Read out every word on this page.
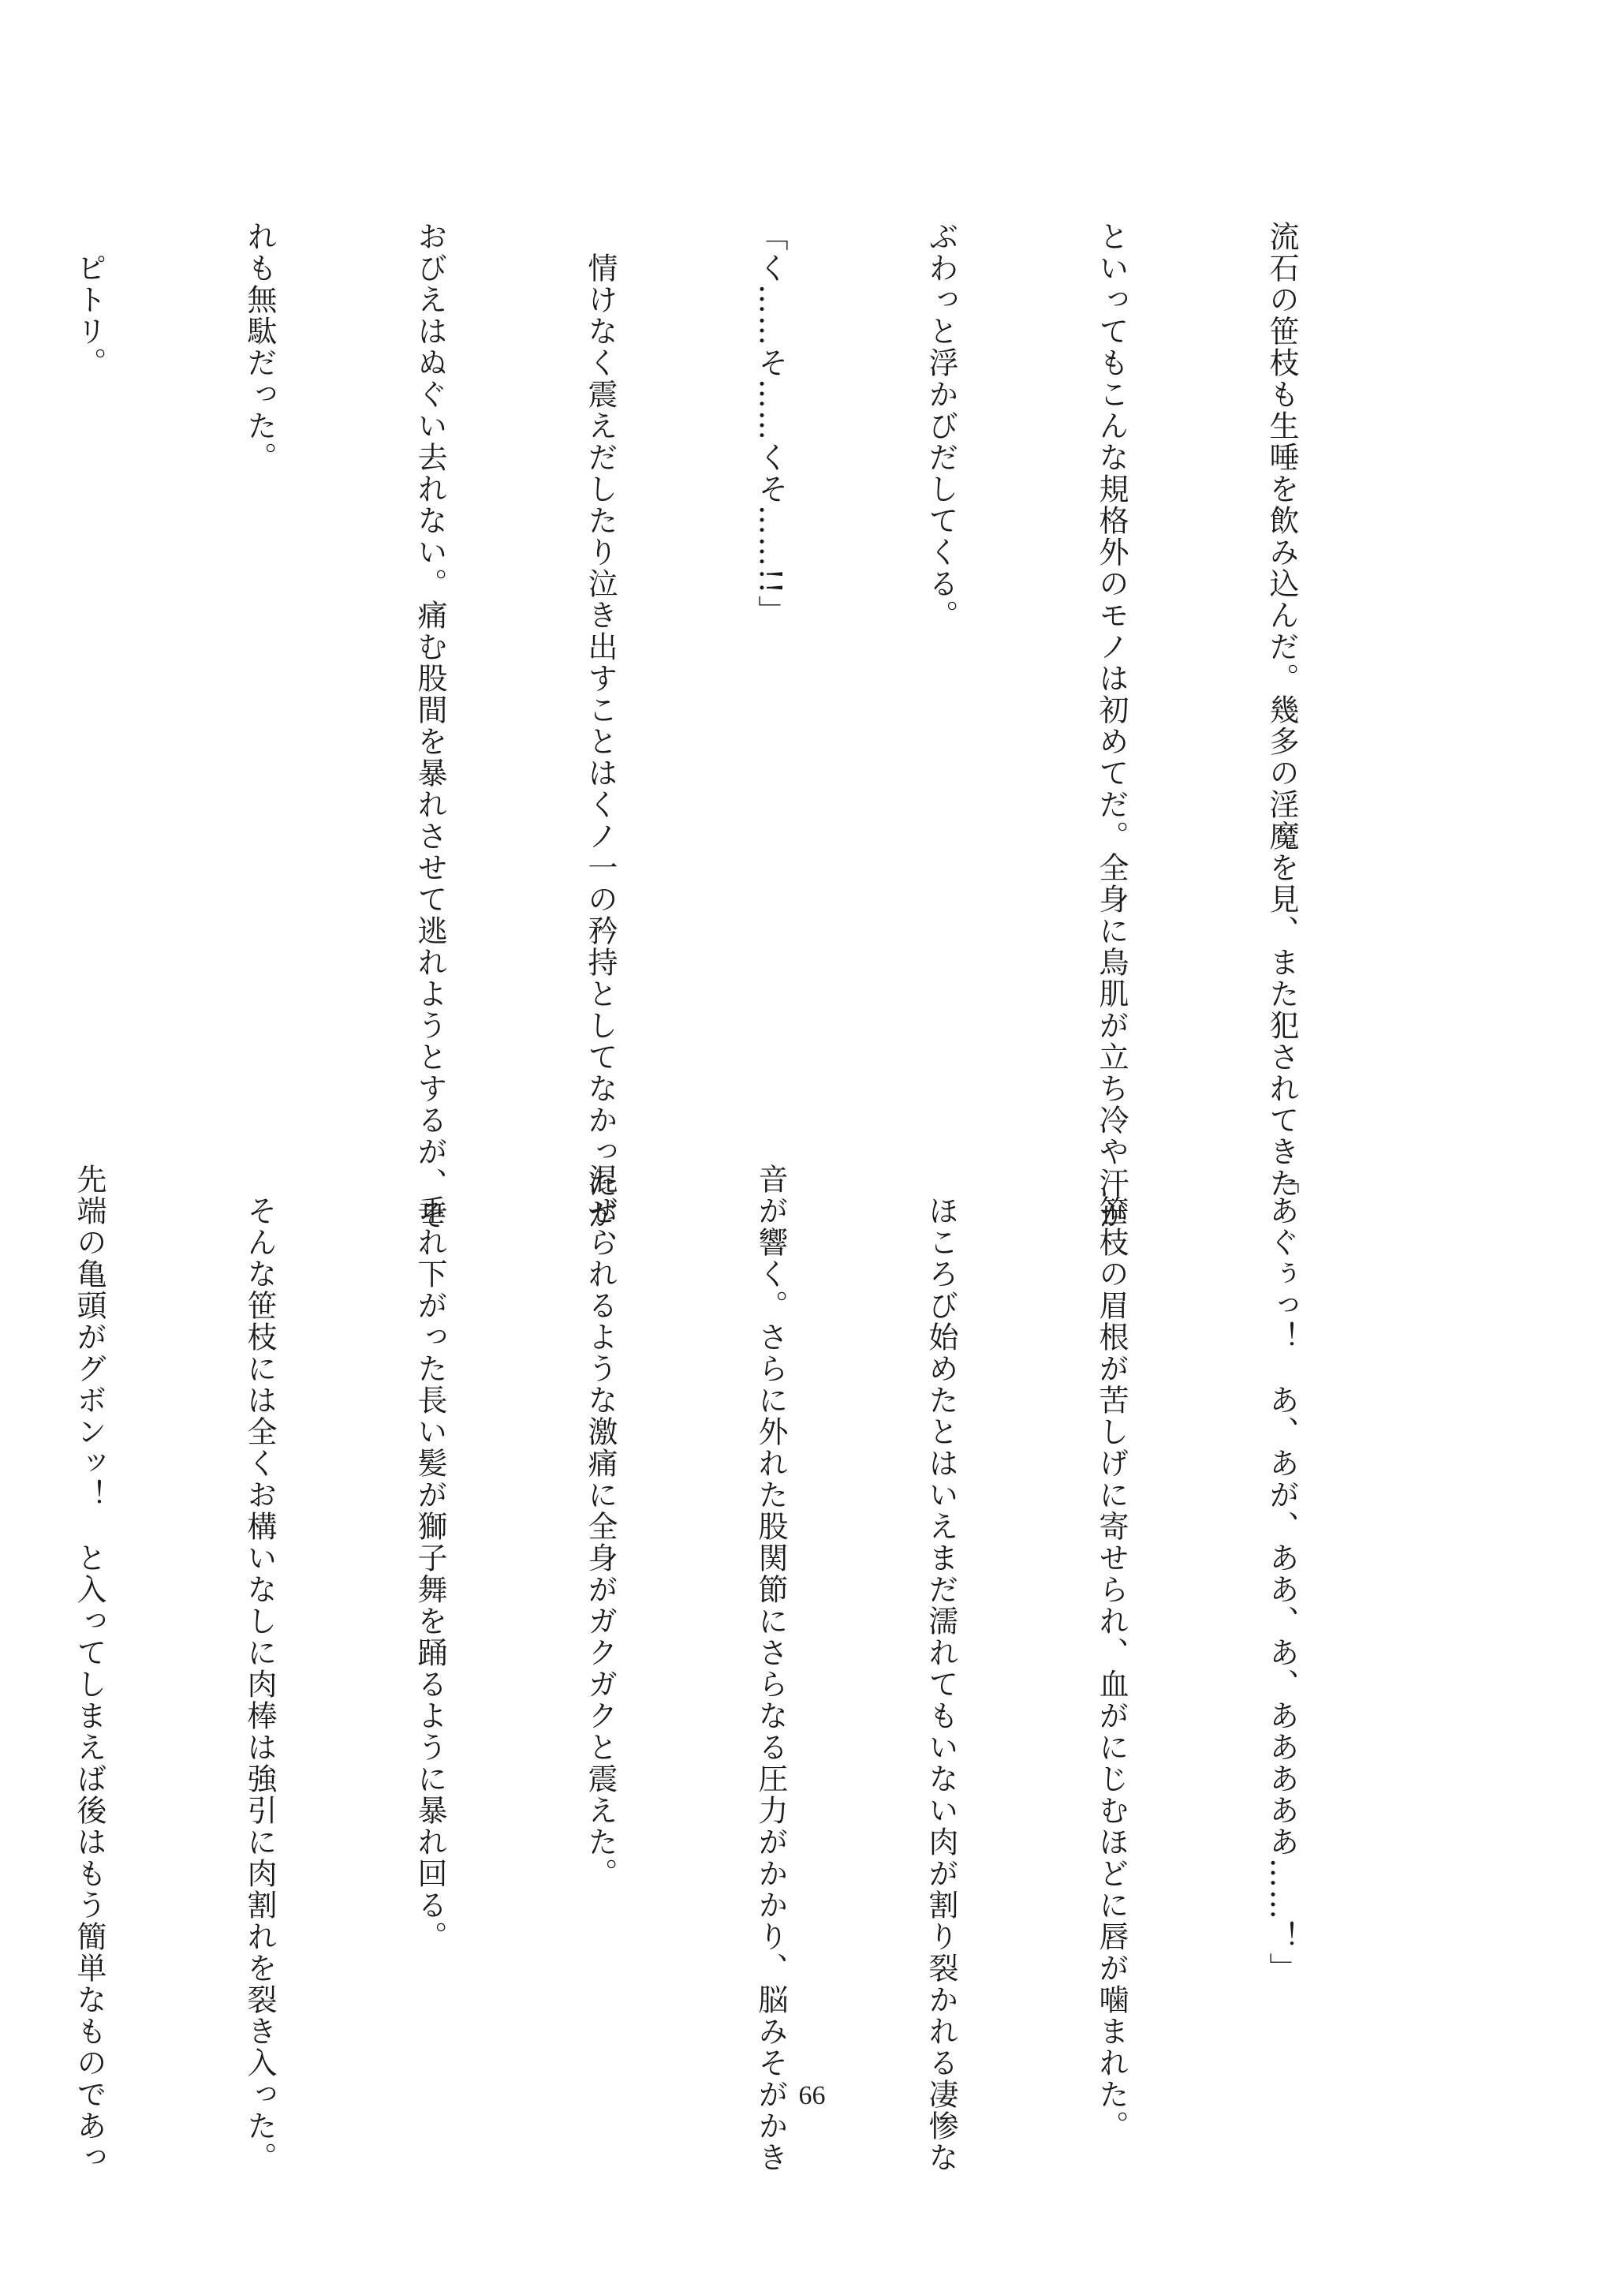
流石の笹枝も生唾を飲み込んだ。幾多の淫魔を見、また犯されてきた

といってもこんな規格外のモノは初めてだ。全身に鳥肌が立ち冷や汗が

ぶわっと浮かびだしてくる。

「く……そ……くそ……!!」

　情けなく震えだしたり泣き出すことはくノ一の矜持としてなかったが、

おびえはぬぐい去れない。痛む股間を暴れさせて逃れようとするが、そ

れも無駄だった。

　ピトリ。

「あぐぅっ！　あ、あが、ああ、あ、あああああ……！」

　笹枝の眉根が苦しげに寄せられ、血がにじむほどに唇が噛まれた。

　ほころび始めたとはいえまだ濡れてもいない肉が割り裂かれる凄惨な

音が響く。さらに外れた股関節にさらなる圧力がかかり、脳みそがかき

混ぜられるような激痛に全身がガクガクと震えた。

　垂れ下がった長い髪が獅子舞を踊るように暴れ回る。

　そんな笹枝には全くお構いなしに肉棒は強引に肉割れを裂き入った。

先端の亀頭がグボンッ！　と入ってしまえば後はもう簡単なものであっ

	66
